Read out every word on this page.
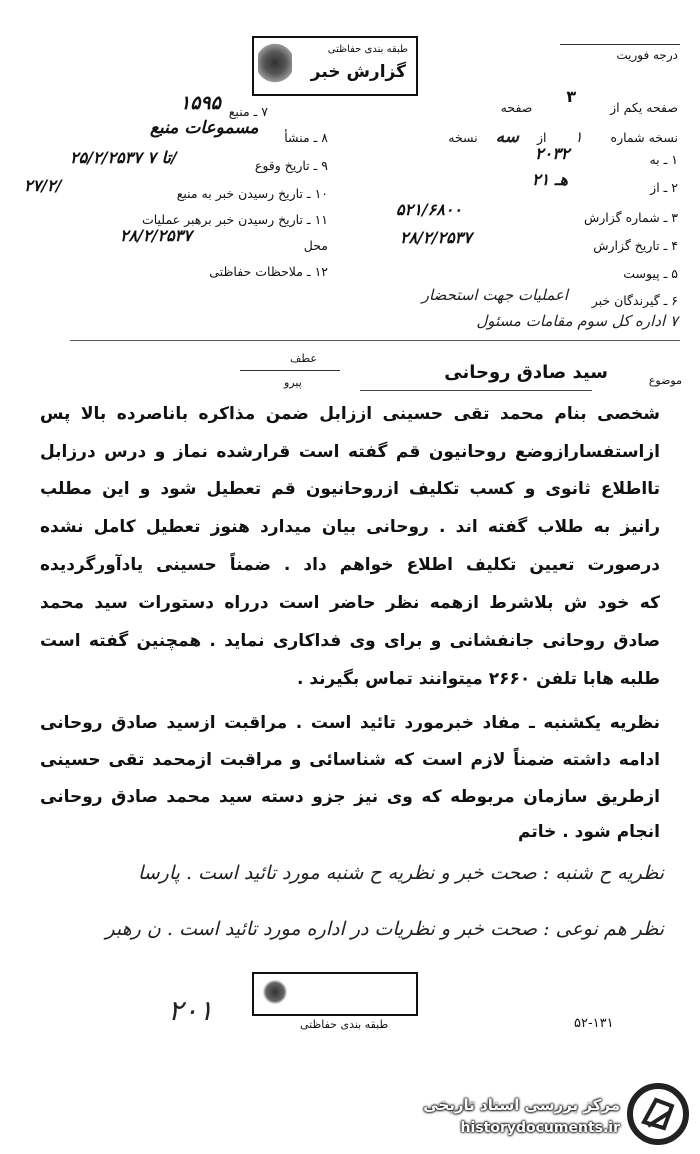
طبقه بندی حفاظتی
گزارش خبر
درجه فوریت
صفحه یکم از ۳ صفحه
نسخه شماره ۱ از سه نسخه
۷ ـ منبع
۱۵۹۵
۸ ـ منشأ
مسموعات منبع
۹ ـ تاریخ وقوع
۲۵/۲/۲۵۳۷ تا ۷/
۱۰ ـ تاریخ رسیدن خبر به منبع
۲۷/۲/
۱۱ ـ تاریخ رسیدن خبر برهبر عملیات
محل
۲۸/۲/۲۵۳۷
۱۲ ـ ملاحظات حفاظتی
۱ ـ به
۲۰۳۲
۲ ـ از
۲۱ هـ
۳ ـ شماره گزارش
۵۲۱/۶۸۰۰
۴ ـ تاریخ گزارش
۲۸/۲/۲۵۳۷
۵ ـ پیوست
۶ ـ گیرندگان خبر
اعملیات جهت استحضار
۷ اداره کل سوم مقامات مسئول
عطف
پیرو	موضوع
سید صادق روحانی
شخصی بنام محمد تقی حسینی اززابل ضمن مذاکره باناصرده بالا پس
ازاستفسارازوضع روحانیون قم گفته است قرارشده نماز و درس درزابل
تااطلاع ثانوی و کسب تکلیف ازروحانیون قم تعطیل شود و این مطلب
رانیز به طلاب گفته اند . روحانی بیان میدارد هنوز تعطیل کامل نشده
درصورت تعیین تکلیف اطلاع خواهم داد . ضمناً حسینی یادآورگردیده
که خود ش بلاشرط ازهمه نظر حاضر است درراه دستورات سید محمد
صادق روحانی جانفشانی و برای وی فداکاری نماید . همچنین گفته است
طلبه هابا تلفن ۲۶۶۰ میتوانند تماس بگیرند .
نظریه یکشنبه ـ مفاد خبرمورد تائید است . مراقبت ازسید صادق روحانی
ادامه داشته ضمناً لازم است که شناسائی و مراقبت ازمحمد تقی حسینی
ازطریق سازمان مربوطه که وی نیز جزو دسته سید محمد صادق روحانی
انجام شود . خاتم
نظریه ح شنبه : صحت خبر و نظریه ح شنبه مورد تائید است . پارسا
نظر هم نوعی : صحت خبر و نظریات در اداره مورد تائید است . ن رهبر
طبقه بندی حفاظتی
۲۰۱	۵۲-۱۳۱
مرکز بررسی اسناد تاریخی
historydocuments.ir
